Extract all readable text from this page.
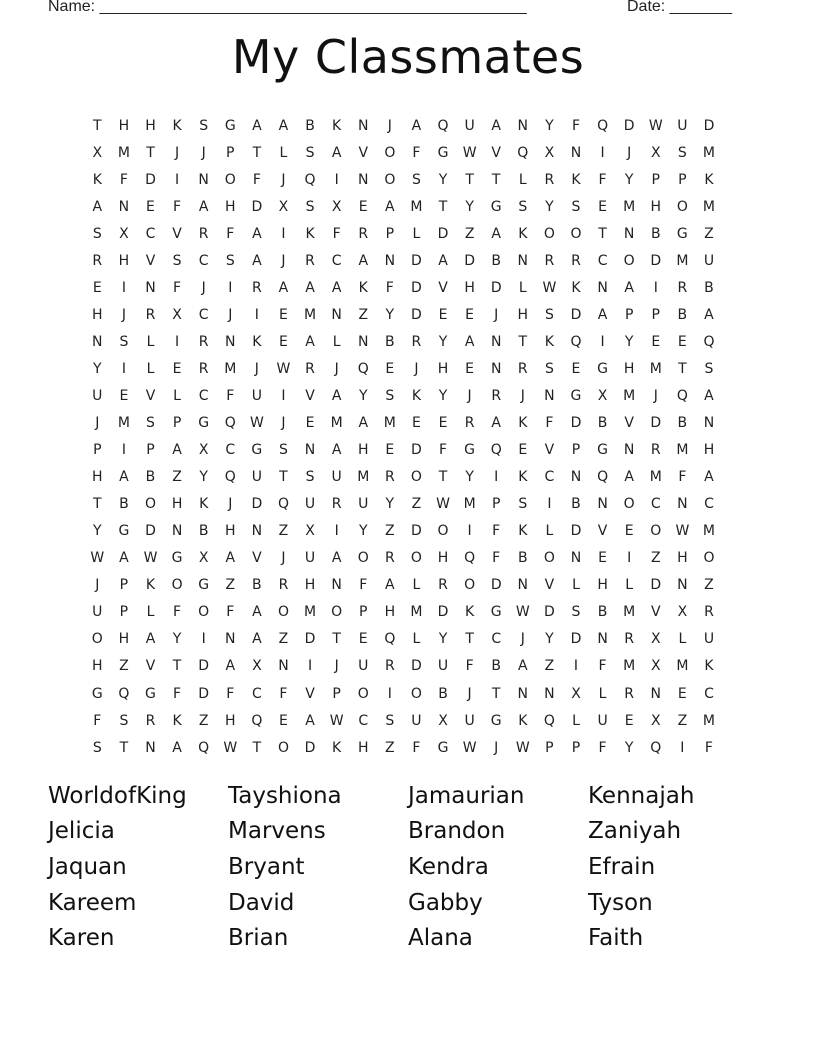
Name: ________________________________________________	Date: _______
My Classmates
T	H	H	K	S	G	A	A	B	K	N	J	A	Q	U	A	N	Y	F	Q	D	W	U	D
X	M	T	J	J	P	T	L	S	A	V	O	F	G	W	V	Q	X	N	I	J	X	S	M
K	F	D	I	N	O	F	J	Q	I	N	O	S	Y	T	T	L	R	K	F	Y	P	P	K
A	N	E	F	A	H	D	X	S	X	E	A	M	T	Y	G	S	Y	S	E	M	H	O	M
S	X	C	V	R	F	A	I	K	F	R	P	L	D	Z	A	K	O	O	T	N	B	G	Z
R	H	V	S	C	S	A	J	R	C	A	N	D	A	D	B	N	R	R	C	O	D	M	U
E	I	N	F	J	I	R	A	A	A	K	F	D	V	H	D	L	W	K	N	A	I	R	B
H	J	R	X	C	J	I	E	M	N	Z	Y	D	E	E	J	H	S	D	A	P	P	B	A
N	S	L	I	R	N	K	E	A	L	N	B	R	Y	A	N	T	K	Q	I	Y	E	E	Q
Y	I	L	E	R	M	J	W	R	J	Q	E	J	H	E	N	R	S	E	G	H	M	T	S
U	E	V	L	C	F	U	I	V	A	Y	S	K	Y	J	R	J	N	G	X	M	J	Q	A
J	M	S	P	G	Q	W	J	E	M	A	M	E	E	R	A	K	F	D	B	V	D	B	N
P	I	P	A	X	C	G	S	N	A	H	E	D	F	G	Q	E	V	P	G	N	R	M	H
H	A	B	Z	Y	Q	U	T	S	U	M	R	O	T	Y	I	K	C	N	Q	A	M	F	A
T	B	O	H	K	J	D	Q	U	R	U	Y	Z	W M	P	S	I	B	N	O	C	N	C
Y	G	D	N	B	H	N	Z	X	I	Y	Z	D	O	I	F	K	L	D	V	E	O	W M
W	A	W	G	X	A	V	J	U	A	O	R	O	H	Q	F	B	O	N	E	I	Z	H	O
J	P	K	O	G	Z	B	R	H	N	F	A	L	R	O	D	N	V	L	H	L	D	N	Z
U	P	L	F	O	F	A	O	M	O	P	H	M	D	K	G	W	D	S	B	M	V	X	R
O	H	A	Y	I	N	A	Z	D	T	E	Q	L	Y	T	C	J	Y	D	N	R	X	L	U
H	Z	V	T	D	A	X	N	I	J	U	R	D	U	F	B	A	Z	I	F	M	X	M	K
G	Q	G	F	D	F	C	F	V	P	O	I	O	B	J	T	N	N	X	L	R	N	E	C
F	S	R	K	Z	H	Q	E	A	W	C	S	U	X	U	G	K	Q	L	U	E	X	Z	M
S	T	N	A	Q	W	T	O	D	K	H	Z	F	G	W	J	W	P	P	F	Y	Q	I	F
WorldofKing	Tayshiona	Jamaurian	Kennajah
Jelicia	Marvens	Brandon	Zaniyah
Jaquan	Bryant	Kendra	Efrain
Kareem	David	Gabby	Tyson
Karen	Brian	Alana	Faith
